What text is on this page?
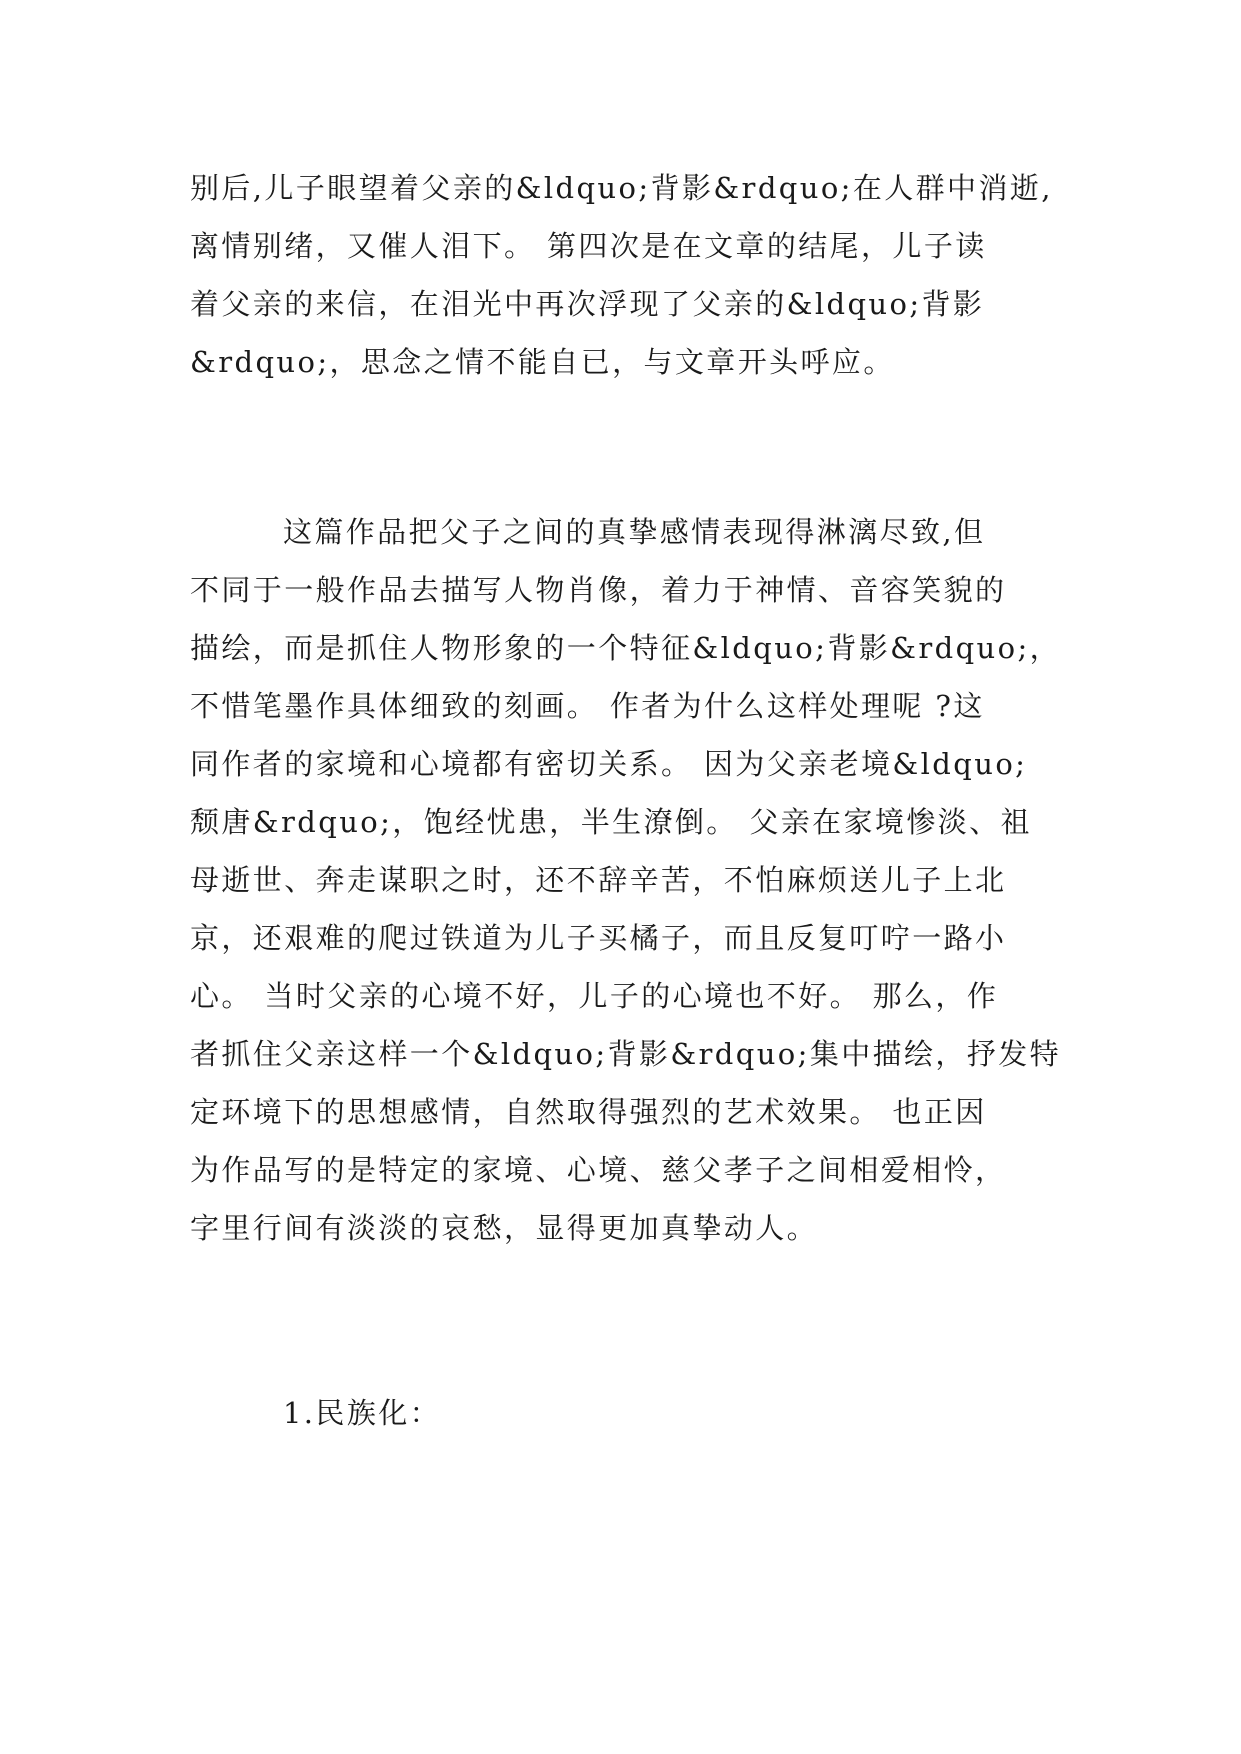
别后,儿子眼望着父亲的&ldquo;背影&rdquo;在人群中消逝,
离情别绪，又催人泪下。 第四次是在文章的结尾，儿子读
着父亲的来信，在泪光中再次浮现了父亲的&ldquo;背影
&rdquo;，思念之情不能自已，与文章开头呼应。
这篇作品把父子之间的真挚感情表现得淋漓尽致,但
不同于一般作品去描写人物肖像，着力于神情、音容笑貌的
描绘，而是抓住人物形象的一个特征&ldquo;背影&rdquo;，
不惜笔墨作具体细致的刻画。 作者为什么这样处理呢 ?这
同作者的家境和心境都有密切关系。 因为父亲老境&ldquo;
颓唐&rdquo;，饱经忧患，半生潦倒。 父亲在家境惨淡、祖
母逝世、奔走谋职之时，还不辞辛苦，不怕麻烦送儿子上北
京，还艰难的爬过铁道为儿子买橘子，而且反复叮咛一路小
心。 当时父亲的心境不好，儿子的心境也不好。 那么，作
者抓住父亲这样一个&ldquo;背影&rdquo;集中描绘，抒发特
定环境下的思想感情，自然取得强烈的艺术效果。 也正因
为作品写的是特定的家境、心境、慈父孝子之间相爱相怜，
字里行间有淡淡的哀愁，显得更加真挚动人。
1.民族化：
